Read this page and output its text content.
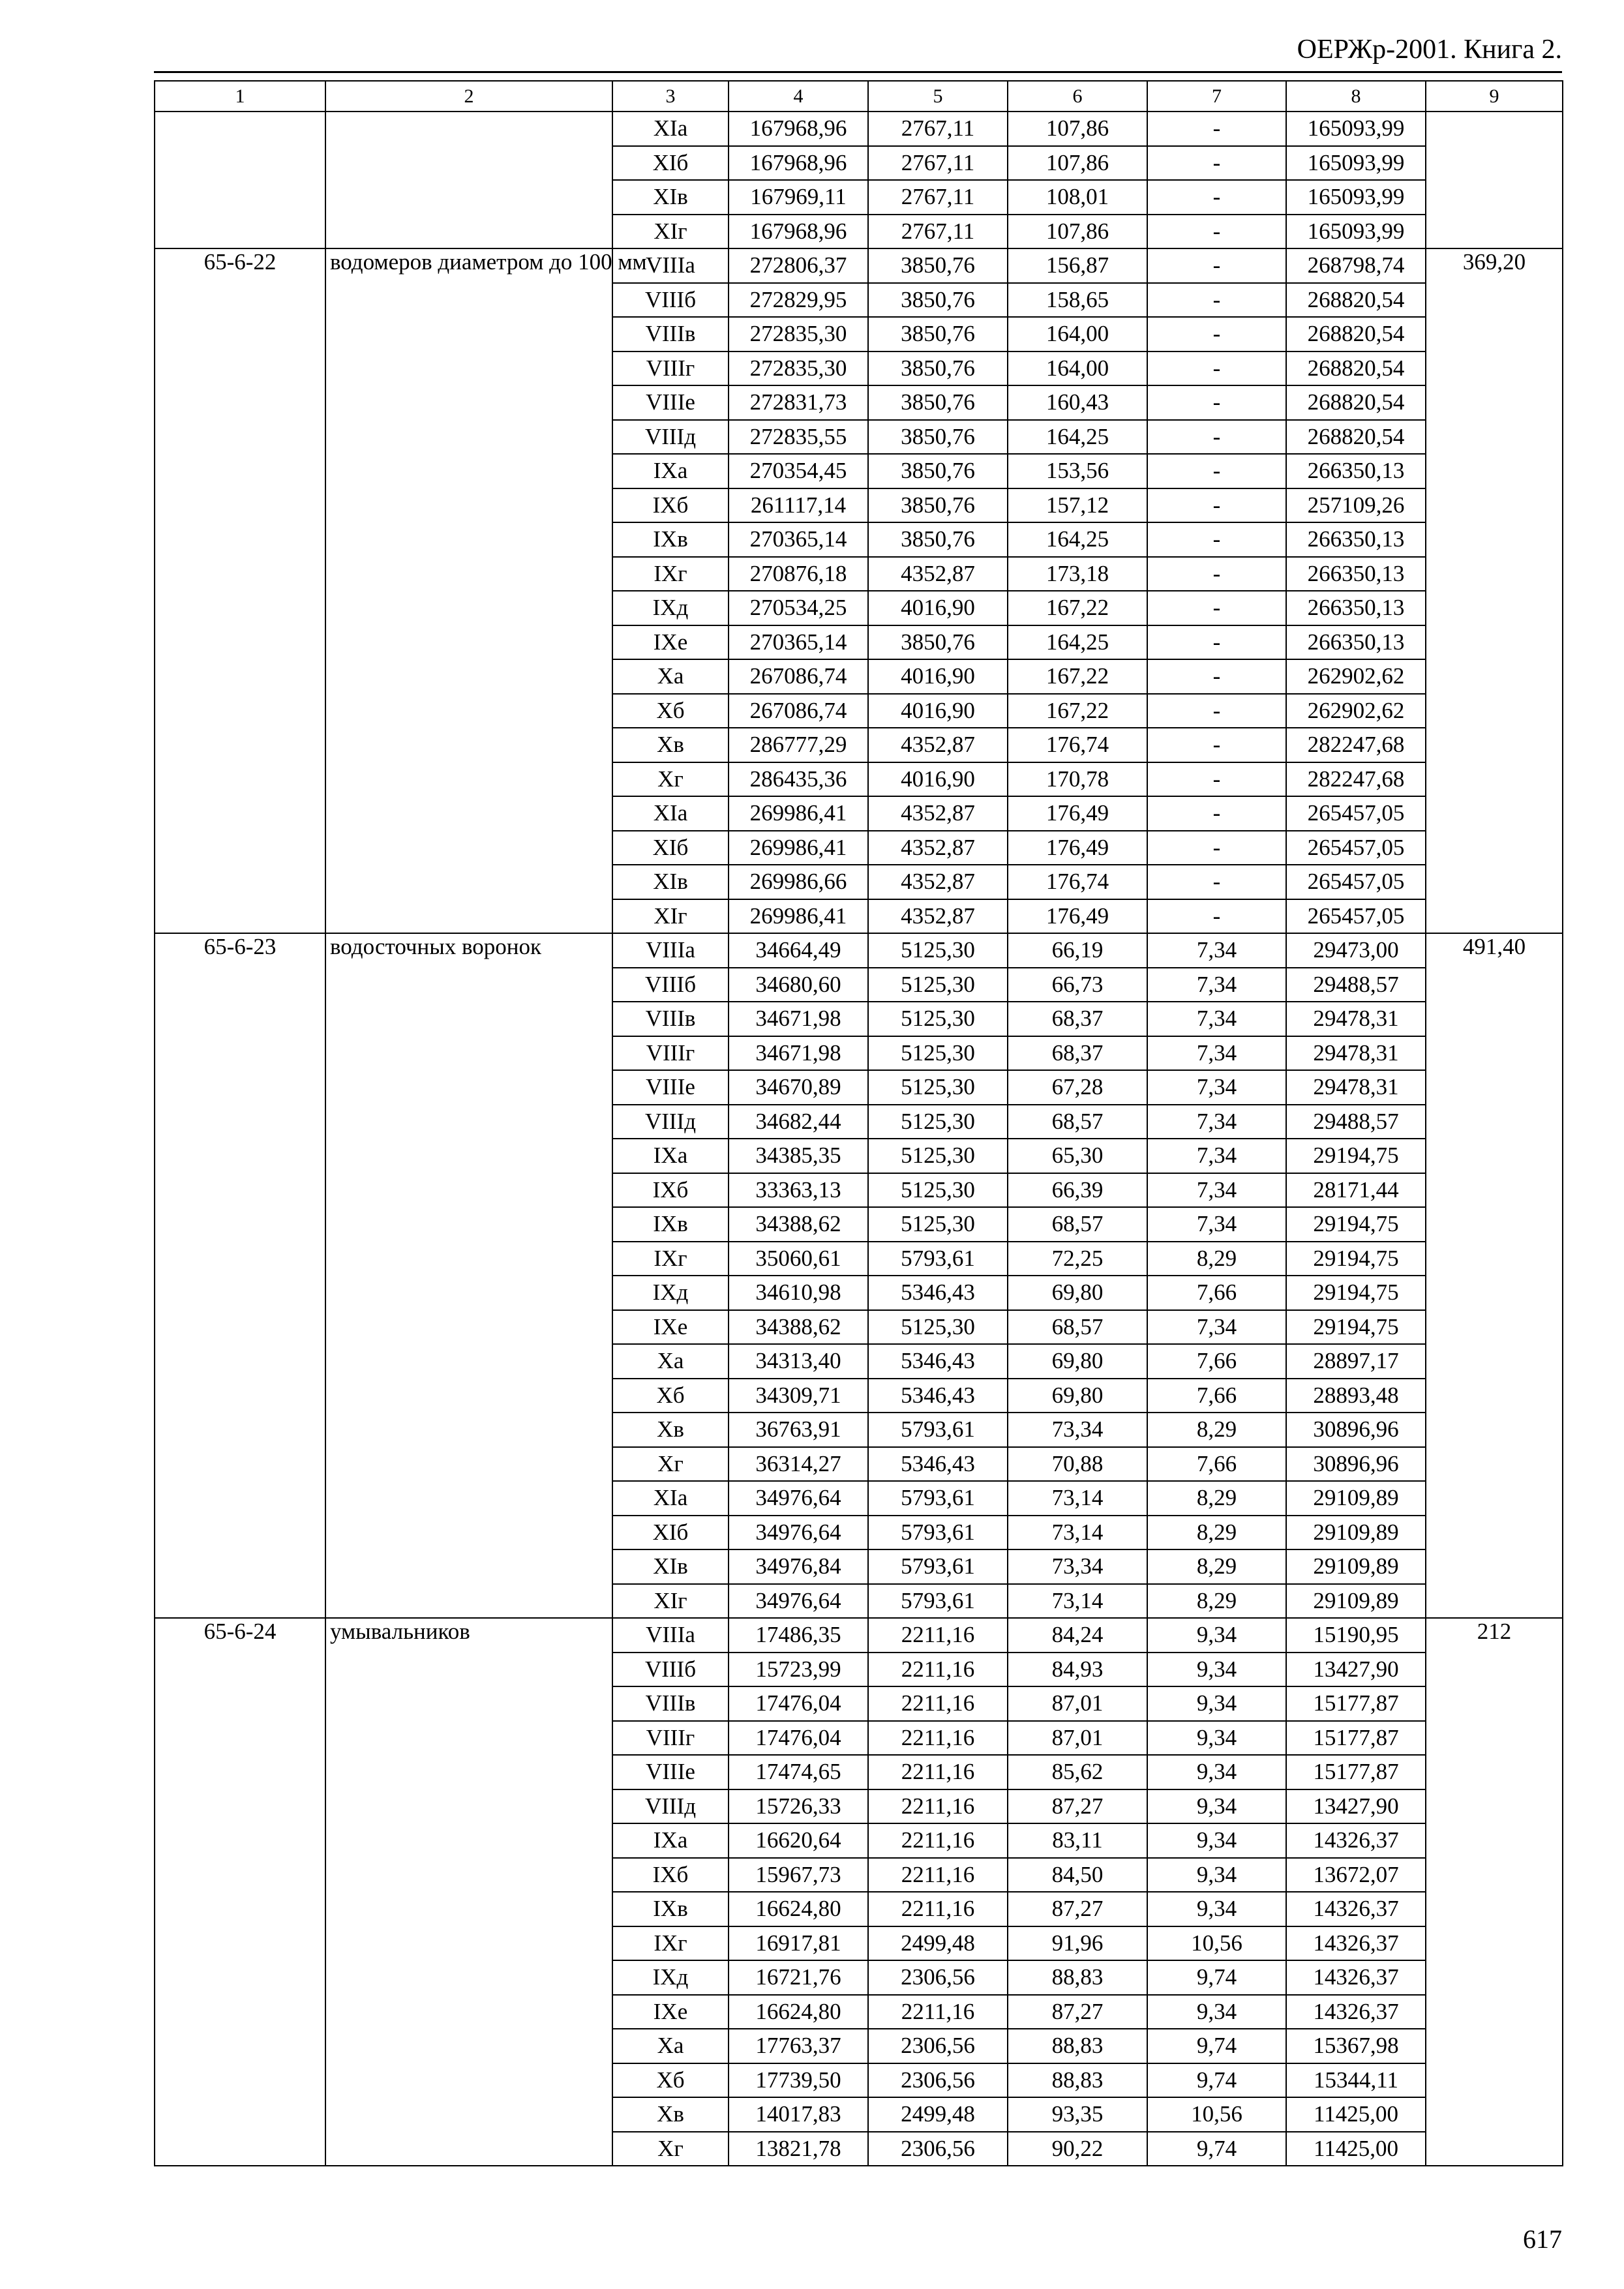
ОЕРЖр-2001. Книга 2.
1	2	3	4	5	6	7	8	9
		XIа	167968,96	2767,11	107,86	-	165093,99	
		XIб	167968,96	2767,11	107,86	-	165093,99	
		XIв	167969,11	2767,11	108,01	-	165093,99	
		XIг	167968,96	2767,11	107,86	-	165093,99	
65-6-22	водомеров диаметром до 100 мм	VIIIа	272806,37	3850,76	156,87	-	268798,74	369,20
		VIIIб	272829,95	3850,76	158,65	-	268820,54	
		VIIIв	272835,30	3850,76	164,00	-	268820,54	
		VIIIг	272835,30	3850,76	164,00	-	268820,54	
		VIIIе	272831,73	3850,76	160,43	-	268820,54	
		VIIIд	272835,55	3850,76	164,25	-	268820,54	
		IXа	270354,45	3850,76	153,56	-	266350,13	
		IXб	261117,14	3850,76	157,12	-	257109,26	
		IXв	270365,14	3850,76	164,25	-	266350,13	
		IXг	270876,18	4352,87	173,18	-	266350,13	
		IXд	270534,25	4016,90	167,22	-	266350,13	
		IXе	270365,14	3850,76	164,25	-	266350,13	
		Xа	267086,74	4016,90	167,22	-	262902,62	
		Xб	267086,74	4016,90	167,22	-	262902,62	
		Xв	286777,29	4352,87	176,74	-	282247,68	
		Xг	286435,36	4016,90	170,78	-	282247,68	
		XIа	269986,41	4352,87	176,49	-	265457,05	
		XIб	269986,41	4352,87	176,49	-	265457,05	
		XIв	269986,66	4352,87	176,74	-	265457,05	
		XIг	269986,41	4352,87	176,49	-	265457,05	
65-6-23	водосточных воронок	VIIIа	34664,49	5125,30	66,19	7,34	29473,00	491,40
		VIIIб	34680,60	5125,30	66,73	7,34	29488,57	
		VIIIв	34671,98	5125,30	68,37	7,34	29478,31	
		VIIIг	34671,98	5125,30	68,37	7,34	29478,31	
		VIIIе	34670,89	5125,30	67,28	7,34	29478,31	
		VIIIд	34682,44	5125,30	68,57	7,34	29488,57	
		IXа	34385,35	5125,30	65,30	7,34	29194,75	
		IXб	33363,13	5125,30	66,39	7,34	28171,44	
		IXв	34388,62	5125,30	68,57	7,34	29194,75	
		IXг	35060,61	5793,61	72,25	8,29	29194,75	
		IXд	34610,98	5346,43	69,80	7,66	29194,75	
		IXе	34388,62	5125,30	68,57	7,34	29194,75	
		Xа	34313,40	5346,43	69,80	7,66	28897,17	
		Xб	34309,71	5346,43	69,80	7,66	28893,48	
		Xв	36763,91	5793,61	73,34	8,29	30896,96	
		Xг	36314,27	5346,43	70,88	7,66	30896,96	
		XIа	34976,64	5793,61	73,14	8,29	29109,89	
		XIб	34976,64	5793,61	73,14	8,29	29109,89	
		XIв	34976,84	5793,61	73,34	8,29	29109,89	
		XIг	34976,64	5793,61	73,14	8,29	29109,89	
65-6-24	умывальников	VIIIа	17486,35	2211,16	84,24	9,34	15190,95	212
		VIIIб	15723,99	2211,16	84,93	9,34	13427,90	
		VIIIв	17476,04	2211,16	87,01	9,34	15177,87	
		VIIIг	17476,04	2211,16	87,01	9,34	15177,87	
		VIIIе	17474,65	2211,16	85,62	9,34	15177,87	
		VIIIд	15726,33	2211,16	87,27	9,34	13427,90	
		IXа	16620,64	2211,16	83,11	9,34	14326,37	
		IXб	15967,73	2211,16	84,50	9,34	13672,07	
		IXв	16624,80	2211,16	87,27	9,34	14326,37	
		IXг	16917,81	2499,48	91,96	10,56	14326,37	
		IXд	16721,76	2306,56	88,83	9,74	14326,37	
		IXе	16624,80	2211,16	87,27	9,34	14326,37	
		Xа	17763,37	2306,56	88,83	9,74	15367,98	
		Xб	17739,50	2306,56	88,83	9,74	15344,11	
		Xв	14017,83	2499,48	93,35	10,56	11425,00	
		Xг	13821,78	2306,56	90,22	9,74	11425,00	
617
